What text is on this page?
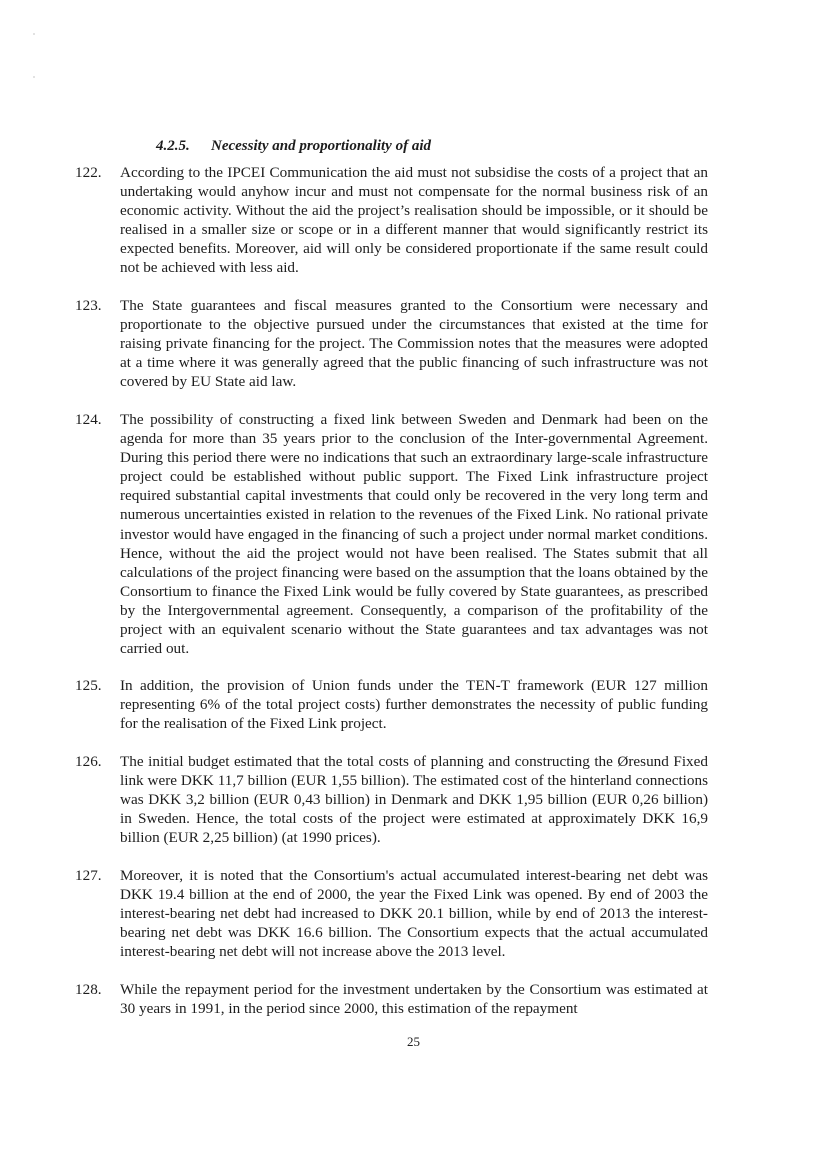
4.2.5. Necessity and proportionality of aid
122. According to the IPCEI Communication the aid must not subsidise the costs of a project that an undertaking would anyhow incur and must not compensate for the normal business risk of an economic activity. Without the aid the project’s realisation should be impossible, or it should be realised in a smaller size or scope or in a different manner that would significantly restrict its expected benefits. Moreover, aid will only be considered proportionate if the same result could not be achieved with less aid.
123. The State guarantees and fiscal measures granted to the Consortium were necessary and proportionate to the objective pursued under the circumstances that existed at the time for raising private financing for the project. The Commission notes that the measures were adopted at a time where it was generally agreed that the public financing of such infrastructure was not covered by EU State aid law.
124. The possibility of constructing a fixed link between Sweden and Denmark had been on the agenda for more than 35 years prior to the conclusion of the Inter-governmental Agreement. During this period there were no indications that such an extraordinary large-scale infrastructure project could be established without public support. The Fixed Link infrastructure project required substantial capital investments that could only be recovered in the very long term and numerous uncertainties existed in relation to the revenues of the Fixed Link. No rational private investor would have engaged in the financing of such a project under normal market conditions. Hence, without the aid the project would not have been realised. The States submit that all calculations of the project financing were based on the assumption that the loans obtained by the Consortium to finance the Fixed Link would be fully covered by State guarantees, as prescribed by the Intergovernmental agreement. Consequently, a comparison of the profitability of the project with an equivalent scenario without the State guarantees and tax advantages was not carried out.
125. In addition, the provision of Union funds under the TEN-T framework (EUR 127 million representing 6% of the total project costs) further demonstrates the necessity of public funding for the realisation of the Fixed Link project.
126. The initial budget estimated that the total costs of planning and constructing the Øresund Fixed link were DKK 11,7 billion (EUR 1,55 billion). The estimated cost of the hinterland connections was DKK 3,2 billion (EUR 0,43 billion) in Denmark and DKK 1,95 billion (EUR 0,26 billion) in Sweden. Hence, the total costs of the project were estimated at approximately DKK 16,9 billion (EUR 2,25 billion) (at 1990 prices).
127. Moreover, it is noted that the Consortium's actual accumulated interest-bearing net debt was DKK 19.4 billion at the end of 2000, the year the Fixed Link was opened. By end of 2003 the interest-bearing net debt had increased to DKK 20.1 billion, while by end of 2013 the interest-bearing net debt was DKK 16.6 billion. The Consortium expects that the actual accumulated interest-bearing net debt will not increase above the 2013 level.
128. While the repayment period for the investment undertaken by the Consortium was estimated at 30 years in 1991, in the period since 2000, this estimation of the repayment
25
